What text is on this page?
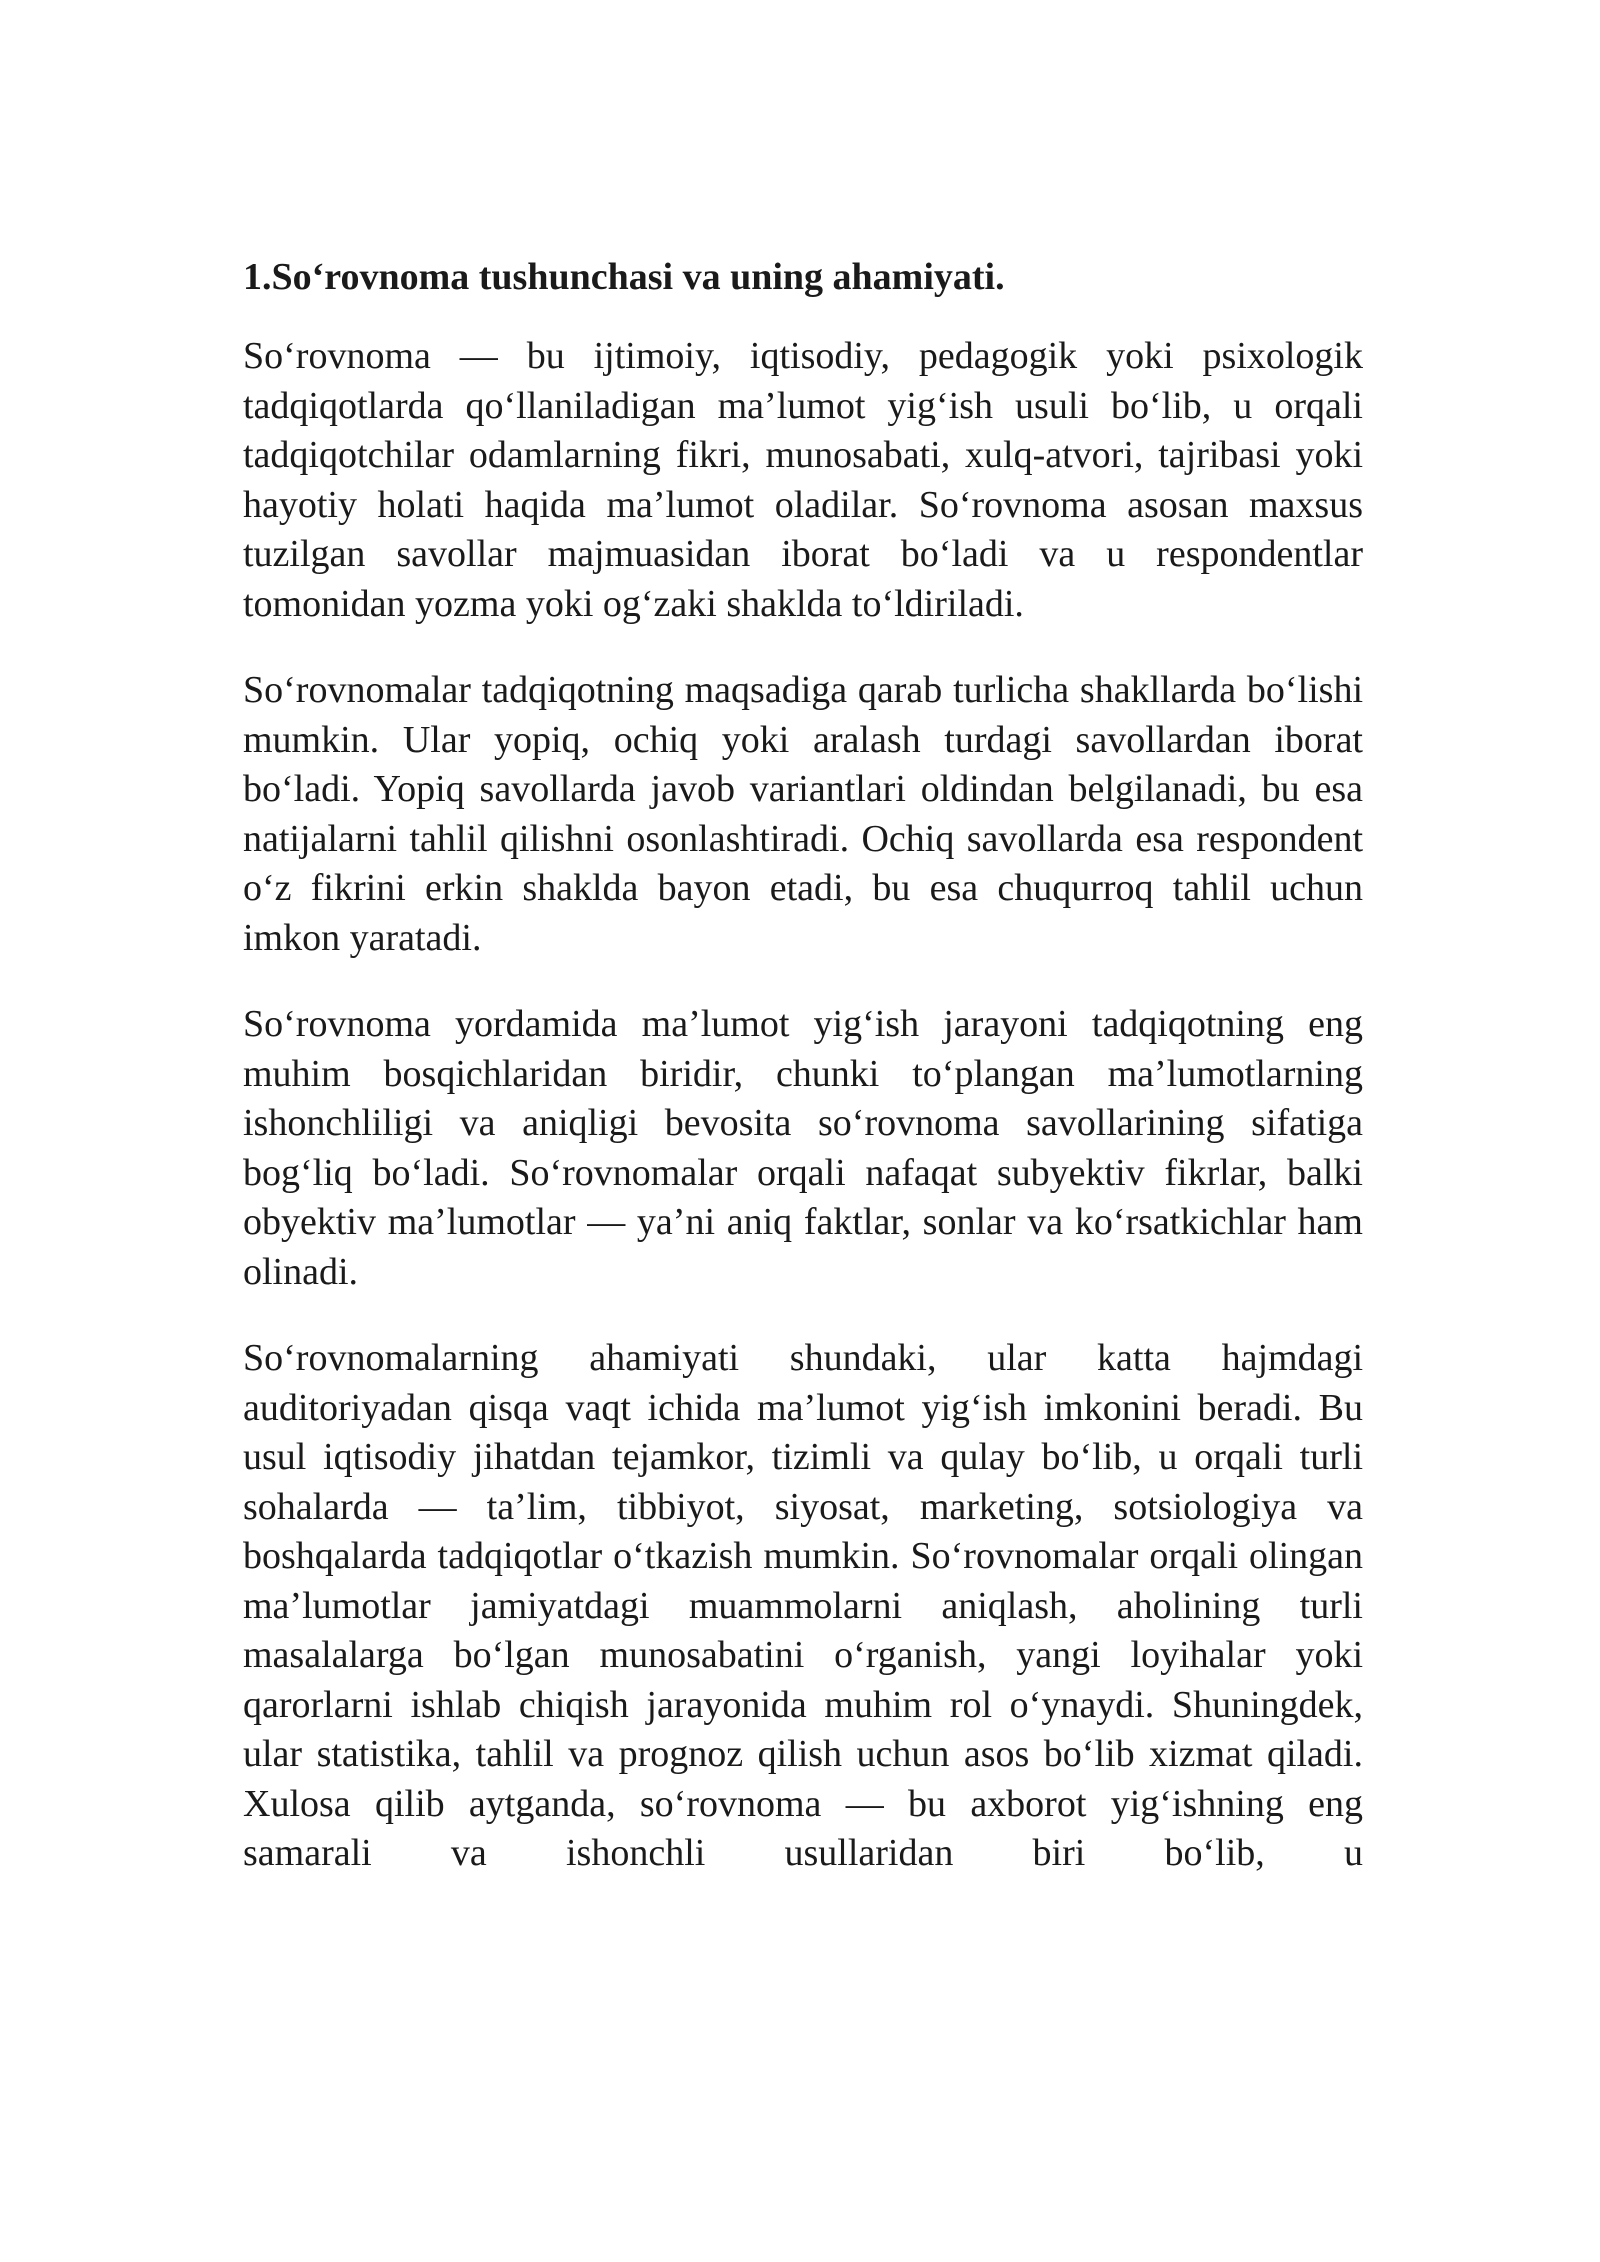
1.So‘rovnoma tushunchasi va uning ahamiyati.

So‘rovnoma — bu ijtimoiy, iqtisodiy, pedagogik yoki psixologik tadqiqotlarda qo‘llaniladigan ma’lumot yig‘ish usuli bo‘lib, u orqali tadqiqotchilar odamlarning fikri, munosabati, xulq-atvori, tajribasi yoki hayotiy holati haqida ma’lumot oladilar. So‘rovnoma asosan maxsus tuzilgan savollar majmuasidan iborat bo‘ladi va u respondentlar tomonidan yozma yoki og‘zaki shaklda to‘ldiriladi.

So‘rovnomalar tadqiqotning maqsadiga qarab turlicha shakllarda bo‘lishi mumkin. Ular yopiq, ochiq yoki aralash turdagi savollardan iborat bo‘ladi. Yopiq savollarda javob variantlari oldindan belgilanadi, bu esa natijalarni tahlil qilishni osonlashtiradi. Ochiq savollarda esa respondent o‘z fikrini erkin shaklda bayon etadi, bu esa chuqurroq tahlil uchun imkon yaratadi.

So‘rovnoma yordamida ma’lumot yig‘ish jarayoni tadqiqotning eng muhim bosqichlaridan biridir, chunki to‘plangan ma’lumotlarning ishonchliligi va aniqligi bevosita so‘rovnoma savollarining sifatiga bog‘liq bo‘ladi. So‘rovnomalar orqali nafaqat subyektiv fikrlar, balki obyektiv ma’lumotlar — ya’ni aniq faktlar, sonlar va ko‘rsatkichlar ham olinadi.

So‘rovnomalarning ahamiyati shundaki, ular katta hajmdagi auditoriyadan qisqa vaqt ichida ma’lumot yig‘ish imkonini beradi. Bu usul iqtisodiy jihatdan tejamkor, tizimli va qulay bo‘lib, u orqali turli sohalarda — ta’lim, tibbiyot, siyosat, marketing, sotsiologiya va boshqalarda tadqiqotlar o‘tkazish mumkin. So‘rovnomalar orqali olingan ma’lumotlar jamiyatdagi muammolarni aniqlash, aholining turli masalalarga bo‘lgan munosabatini o‘rganish, yangi loyihalar yoki qarorlarni ishlab chiqish jarayonida muhim rol o‘ynaydi. Shuningdek, ular statistika, tahlil va prognoz qilish uchun asos bo‘lib xizmat qiladi. Xulosa qilib aytganda, so‘rovnoma — bu axborot yig‘ishning eng samarali va ishonchli usullaridan biri bo‘lib, u
